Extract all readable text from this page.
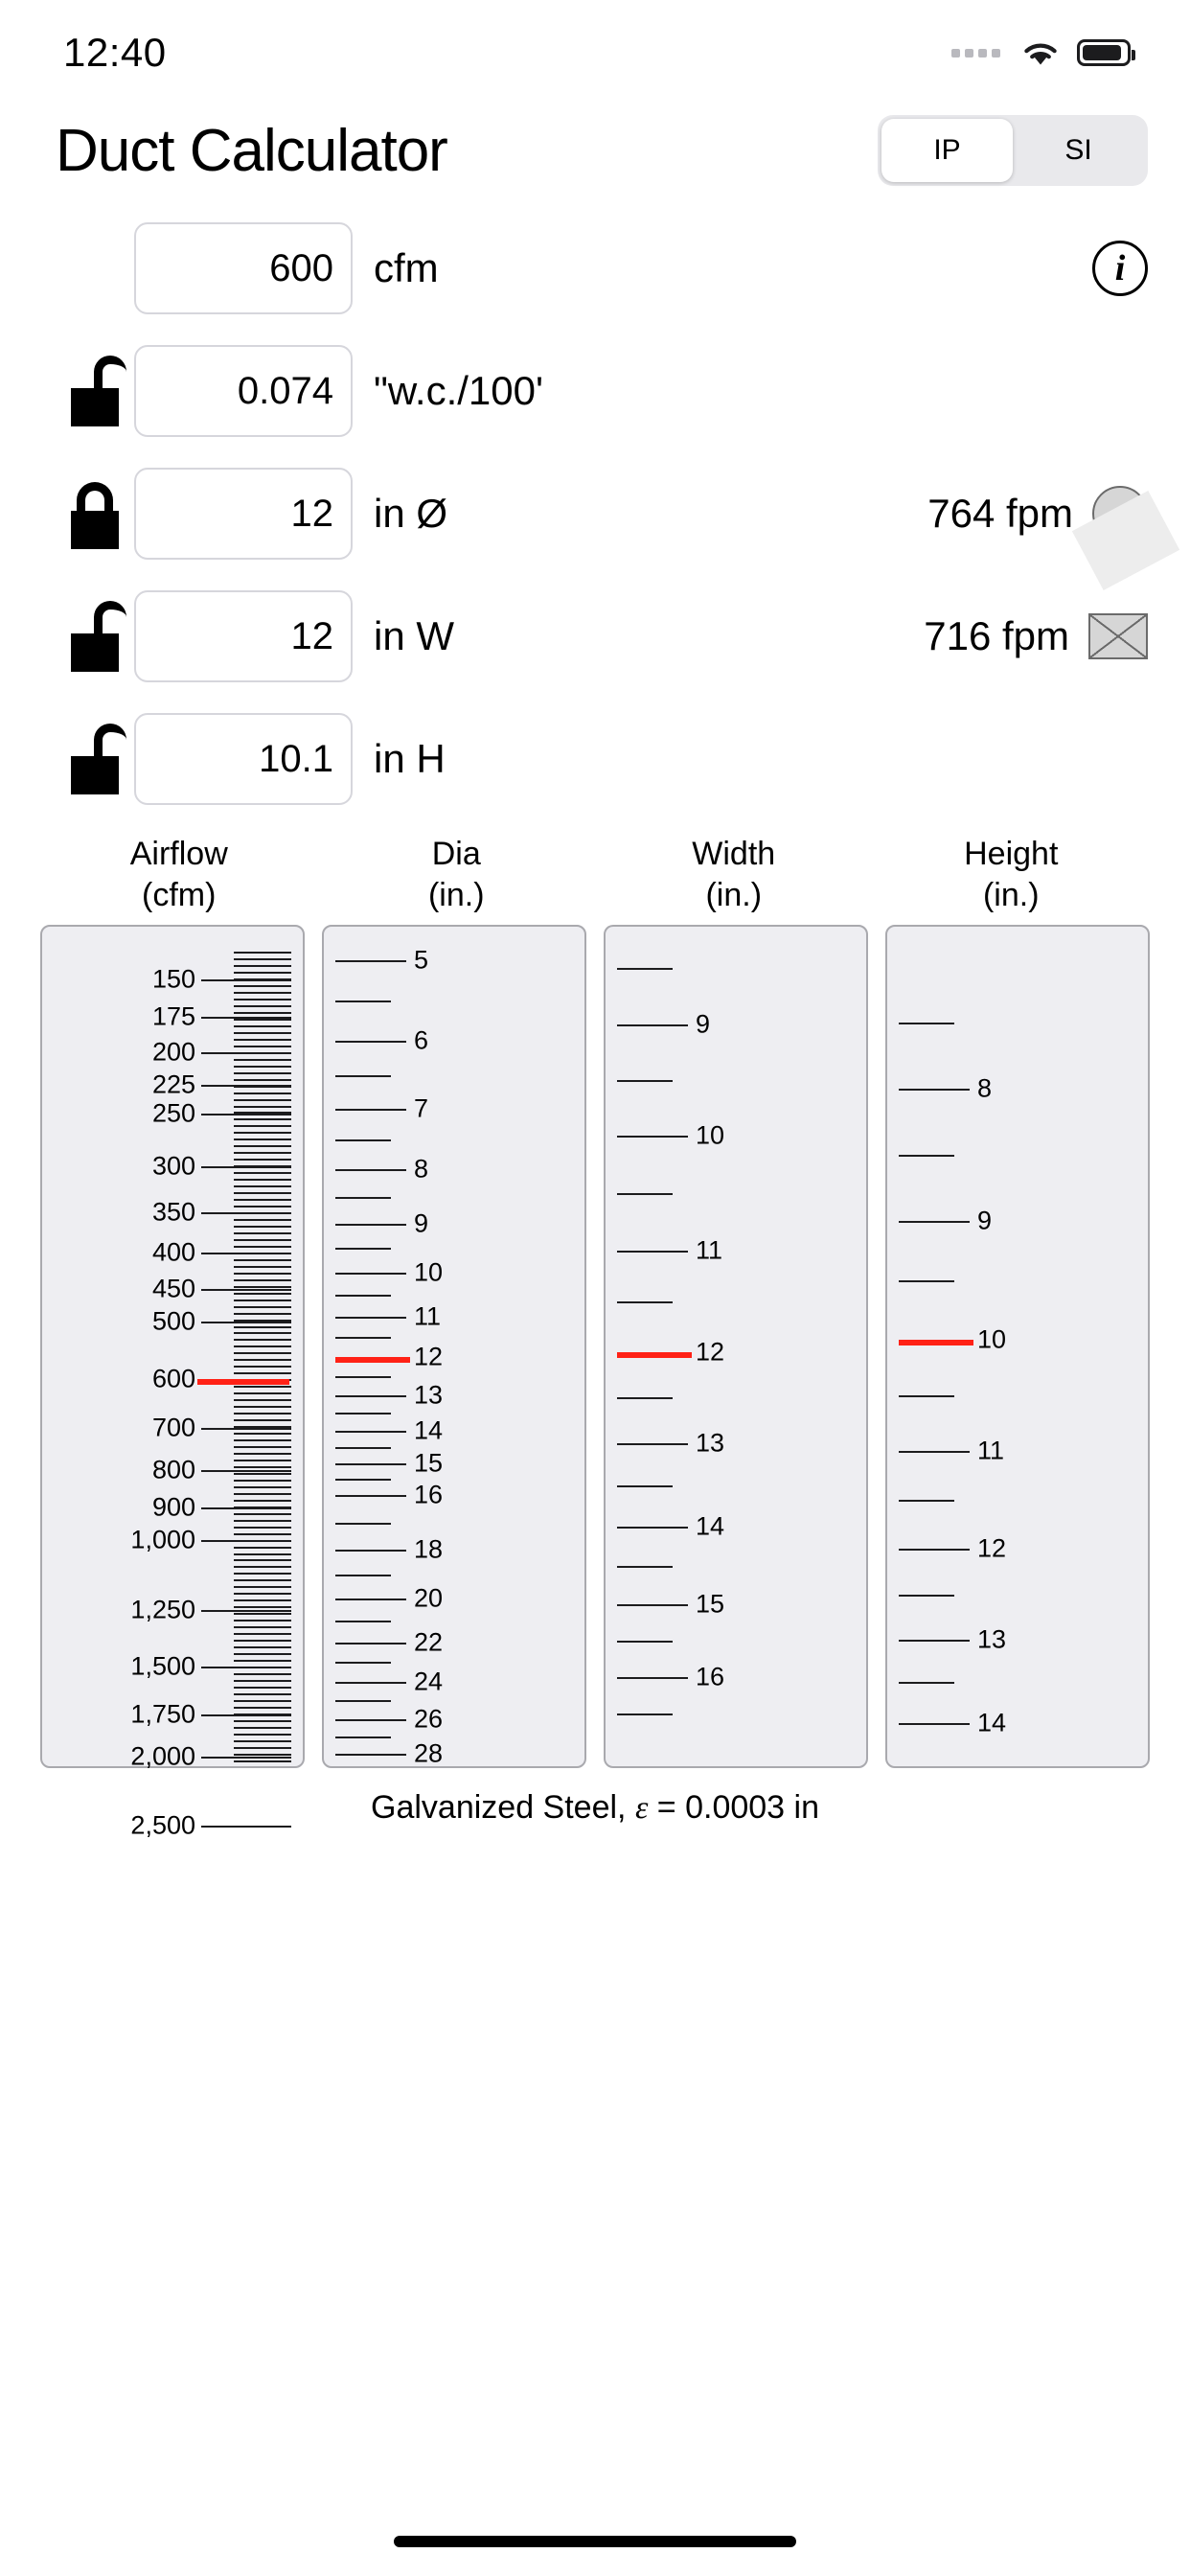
12:40
Duct Calculator	IP	SI
600	cfm	i
0.074	"w.c./100'
12	in Ø	764 fpm
12	in W	716 fpm
10.1	in H
Airflow
(cfm)
Dia
(in.)
Width
(in.)
Height
(in.)
150
175
200
225
250
300
350
400
450
500
600
700
800
900
1,000
1,250
1,500
1,750
2,000
2,500
5
6
7
8
9
10
11
12
13
14
15
16
18
20
22
24
26
28
9
10
11
12
13
14
15
16
8
9
10
11
12
13
14
Galvanized Steel, ε = 0.0003 in
